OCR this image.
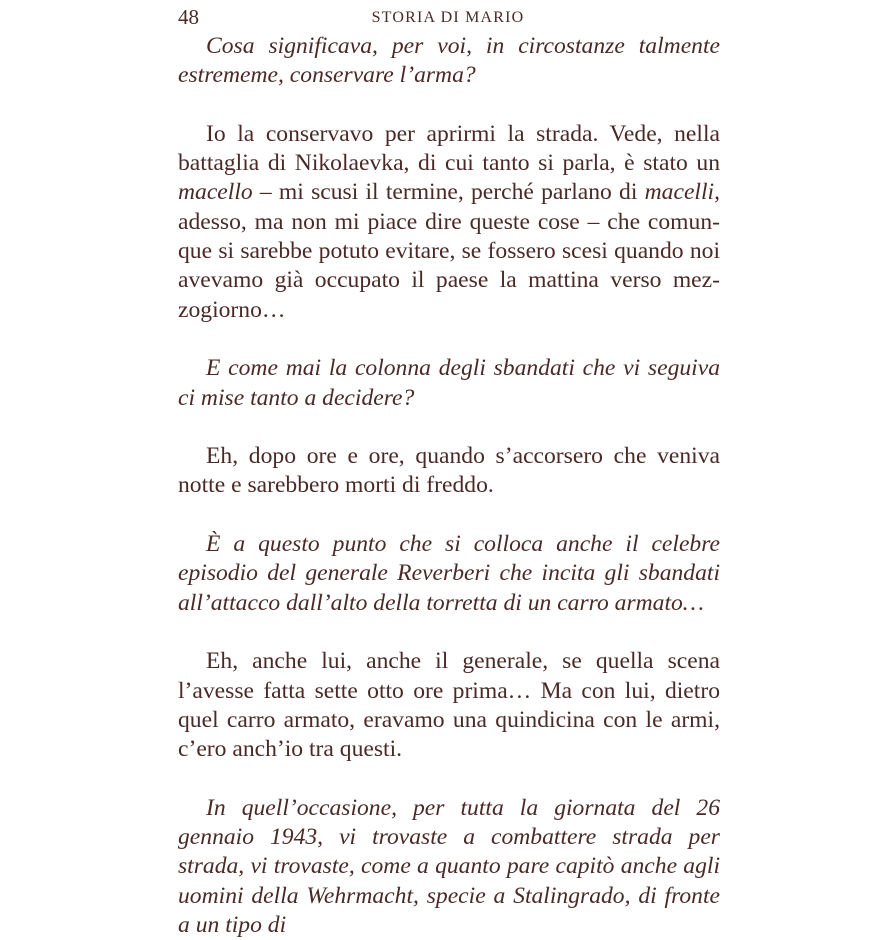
48	STORIA DI MARIO

Cosa significava, per voi, in circostanze talmente estrememe, conservare l’arma?

Io la conservavo per aprirmi la strada. Vede, nella battaglia di Nikolaevka, di cui tanto si parla, è stato un macello – mi scusi il termine, perché parlano di macelli, adesso, ma non mi piace dire queste cose – che comunque si sarebbe potuto evitare, se fossero scesi quando noi avevamo già occupato il paese la mattina verso mezzogiorno…

E come mai la colonna degli sbandati che vi seguiva ci mise tanto a decidere?

Eh, dopo ore e ore, quando s’accorsero che veniva notte e sarebbero morti di freddo.

È a questo punto che si colloca anche il celebre episodio del generale Reverberi che incita gli sbandati all’attacco dall’alto della torretta di un carro armato…

Eh, anche lui, anche il generale, se quella scena l’avesse fatta sette otto ore prima… Ma con lui, dietro quel carro armato, eravamo una quindicina con le armi, c’ero anch’io tra questi.

In quell’occasione, per tutta la giornata del 26 gennaio 1943, vi trovaste a combattere strada per strada, vi trovaste, come a quanto pare capitò anche agli uomini della Wehrmacht, specie a Stalingrado, di fronte a un tipo di
